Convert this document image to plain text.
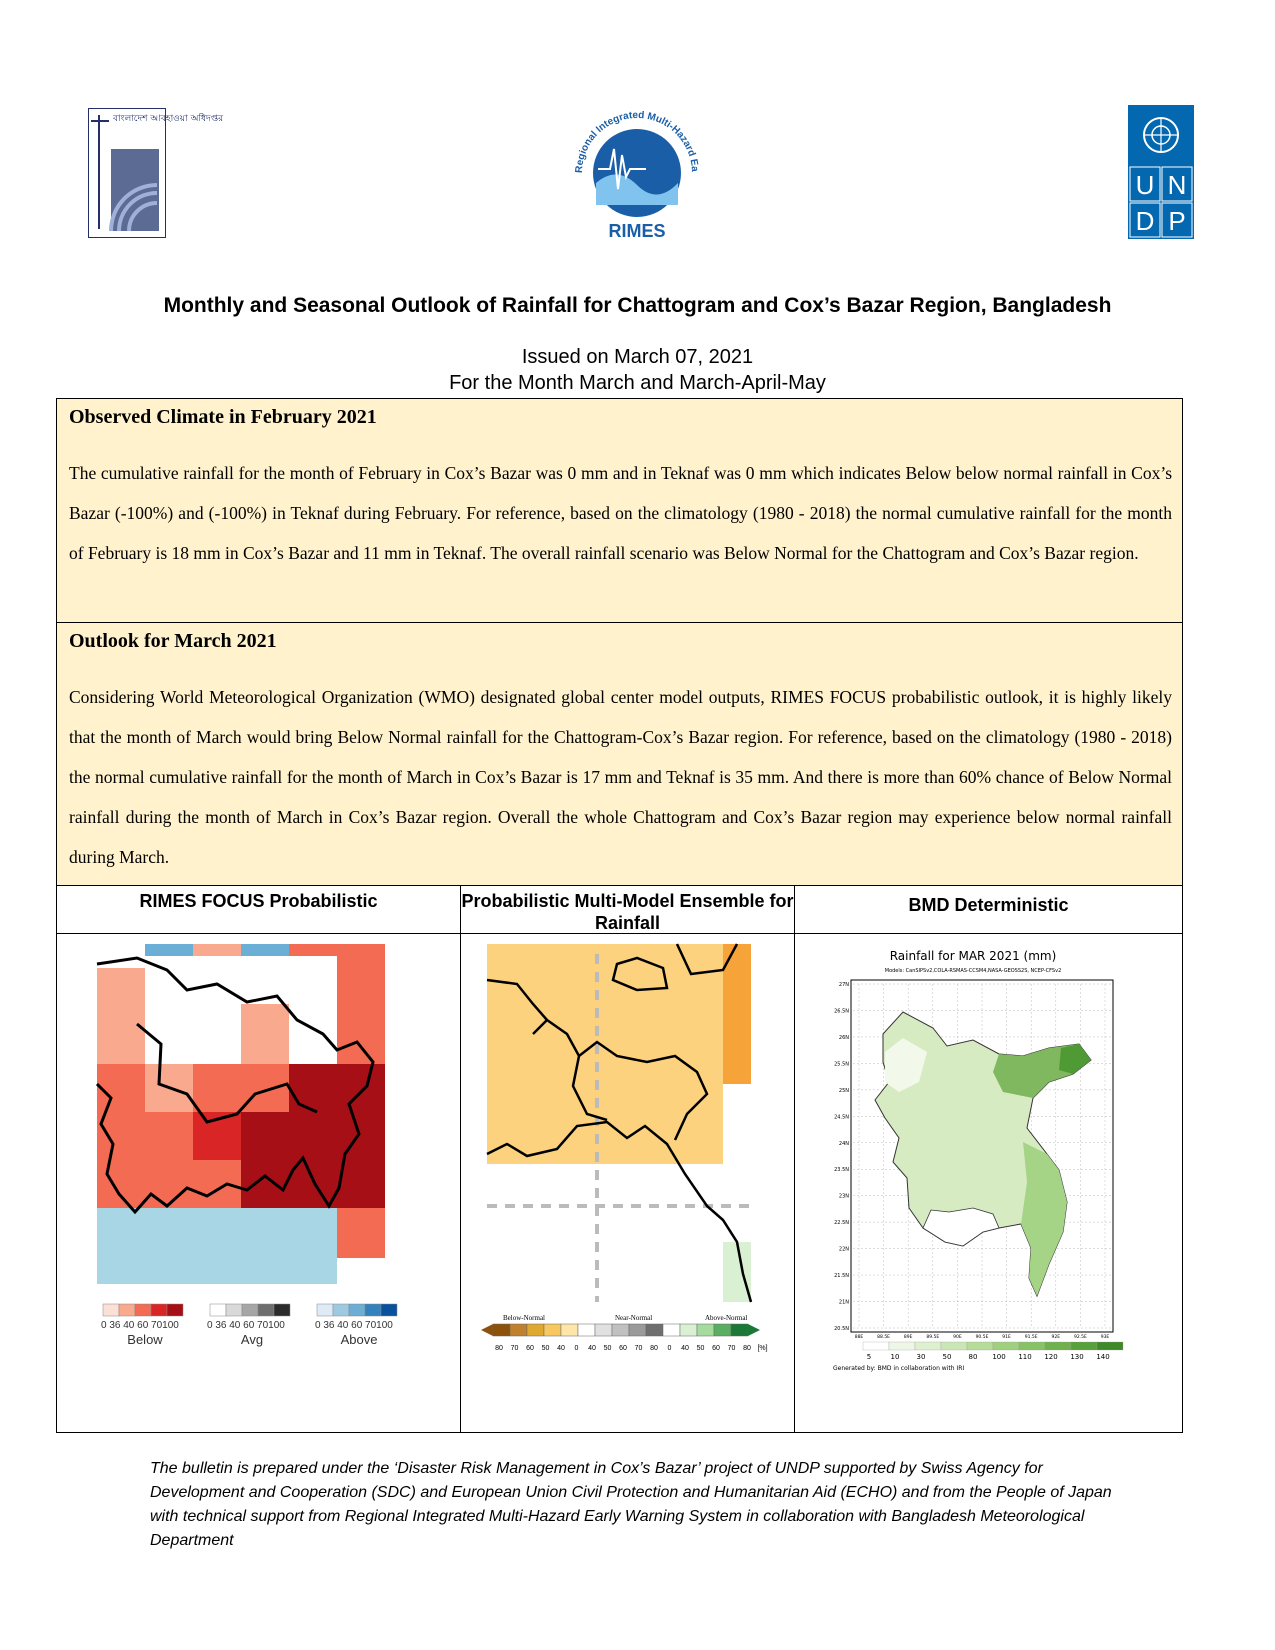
বাংলাদেশ আবহাওয়া অধিদপ্তর
Regional Integrated Multi-Hazard Ea
RIMES
U N
D P
Monthly and Seasonal Outlook of Rainfall for Chattogram and Cox’s Bazar Region, Bangladesh
Issued on March 07, 2021
For the Month March and March-April-May
Observed Climate in February 2021

The cumulative rainfall for the month of February in Cox’s Bazar was 0 mm and in Teknaf was 0 mm which indicates Below below normal rainfall in Cox’s Bazar (-100%) and (-100%) in Teknaf during February. For reference, based on the climatology (1980 - 2018) the normal cumulative rainfall for the month of February is 18 mm in Cox’s Bazar and 11 mm in Teknaf. The overall rainfall scenario was Below Normal for the Chattogram and Cox’s Bazar region.

Outlook for March 2021

Considering World Meteorological Organization (WMO) designated global center model outputs, RIMES FOCUS probabilistic outlook, it is highly likely that the month of March would bring Below Normal rainfall for the Chattogram-Cox’s Bazar region. For reference, based on the climatology (1980 - 2018) the normal cumulative rainfall for the month of March in Cox’s Bazar is 17 mm and Teknaf is 35 mm. And there is more than 60% chance of Below Normal rainfall during the month of March in Cox’s Bazar region. Overall the whole Chattogram and Cox’s Bazar region may experience below normal rainfall during March.

RIMES FOCUS Probabilistic
0 36 40 60 70100	0 36 40 60 70100	0 36 40 60 70100
Below	Avg	Above
Probabilistic Multi-Model Ensemble for Rainfall
Below-Normal	Near-Normal	Above-Normal
80 70 60 50 40 0 40 50 60 70 80 0 40 50 60 70 80 [%]
BMD Deterministic
Rainfall for MAR 2021 (mm)
Models: CanSIPSv2,COLA-RSMAS-CCSM4,NASA-GEOSS2S, NCEP-CFSv2
27N
26.5N
26N
25.5N
25N
24.5N
24N
23.5N
23N
22.5N
22N
21.5N
21N
20.5N
88E	88.5E	89E	89.5E	90E	90.5E	91E	91.5E	92E	92.5E	93E
5	10 30 50 80 100 110 120 130 140
Generated by: BMD in collaboration with IRI
The bulletin is prepared under the ‘Disaster Risk Management in Cox’s Bazar’ project of UNDP supported by Swiss Agency for Development and Cooperation (SDC) and European Union Civil Protection and Humanitarian Aid (ECHO) and from the People of Japan with technical support from Regional Integrated Multi-Hazard Early Warning System in collaboration with Bangladesh Meteorological Department
